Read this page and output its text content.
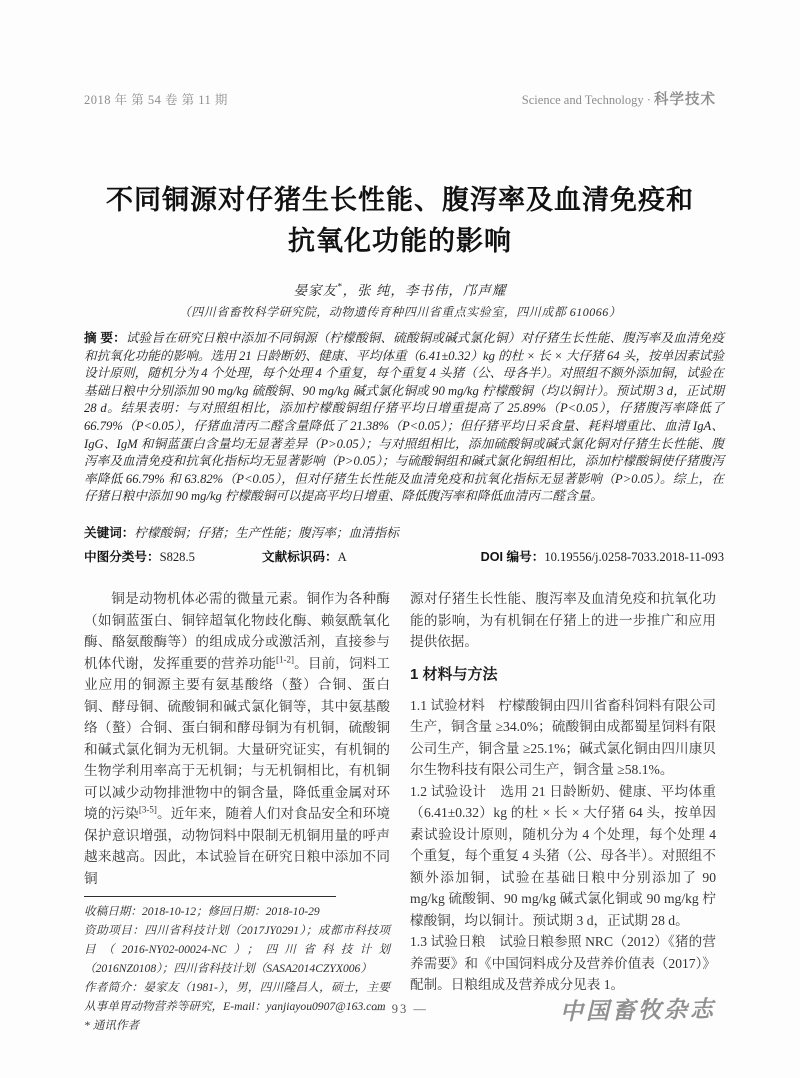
2018 年 第 54 卷 第 11 期	Science and Technology · 科学技术
不同铜源对仔猪生长性能、腹泻率及血清免疫和
抗氧化功能的影响
晏家友*，张 纯，李书伟，邝声耀
（四川省畜牧科学研究院，动物遗传育种四川省重点实验室，四川成都 610066）
摘 要：试验旨在研究日粮中添加不同铜源（柠檬酸铜、硫酸铜或碱式氯化铜）对仔猪生长性能、腹泻率及血清免疫和抗氧化功能的影响。选用 21 日龄断奶、健康、平均体重（6.41±0.32）kg 的杜 × 长 × 大仔猪 64 头，按单因素试验设计原则，随机分为 4 个处理，每个处理 4 个重复，每个重复 4 头猪（公、母各半）。对照组不额外添加铜，试验在基础日粮中分别添加 90 mg/kg 硫酸铜、90 mg/kg 碱式氯化铜或 90 mg/kg 柠檬酸铜（均以铜计）。预试期 3 d，正试期 28 d。结果表明：与对照组相比，添加柠檬酸铜组仔猪平均日增重提高了 25.89%（P<0.05），仔猪腹泻率降低了 66.79%（P<0.05），仔猪血清丙二醛含量降低了 21.38%（P<0.05）；但仔猪平均日采食量、耗料增重比、血清 IgA、IgG、IgM 和铜蓝蛋白含量均无显著差异（P>0.05）；与对照组相比，添加硫酸铜或碱式氯化铜对仔猪生长性能、腹泻率及血清免疫和抗氧化指标均无显著影响（P>0.05）；与硫酸铜组和碱式氯化铜组相比，添加柠檬酸铜使仔猪腹泻率降低 66.79% 和 63.82%（P<0.05），但对仔猪生长性能及血清免疫和抗氧化指标无显著影响（P>0.05）。综上，在仔猪日粮中添加 90 mg/kg 柠檬酸铜可以提高平均日增重、降低腹泻率和降低血清丙二醛含量。
关键词：柠檬酸铜；仔猪；生产性能；腹泻率；血清指标
中图分类号：S828.5	文献标识码：A	DOI 编号：10.19556/j.0258-7033.2018-11-093

铜是动物机体必需的微量元素。铜作为各种酶（如铜蓝蛋白、铜锌超氧化物歧化酶、赖氨酰氧化酶、酪氨酸酶等）的组成成分或激活剂，直接参与机体代谢，发挥重要的营养功能[1-2]。目前，饲料工业应用的铜源主要有氨基酸络（螯）合铜、蛋白铜、酵母铜、硫酸铜和碱式氯化铜等，其中氨基酸络（螯）合铜、蛋白铜和酵母铜为有机铜，硫酸铜和碱式氯化铜为无机铜。大量研究证实，有机铜的生物学利用率高于无机铜；与无机铜相比，有机铜可以减少动物排泄物中的铜含量，降低重金属对环境的污染[3-5]。近年来，随着人们对食品安全和环境保护意识增强，动物饲料中限制无机铜用量的呼声越来越高。因此，本试验旨在研究日粮中添加不同铜

收稿日期：2018-10-12；修回日期：2018-10-29

资助项目：四川省科技计划（2017JY0291）；成都市科技项目（2016-NY02-00024-NC）；四川省科技计划（2016NZ0108）；四川省科技计划（SASA2014CZYX006）

作者简介：晏家友（1981-），男，四川隆昌人，硕士，主要从事单胃动物营养等研究，E-mail：yanjiayou0907@163.com

* 通讯作者

源对仔猪生长性能、腹泻率及血清免疫和抗氧化功能的影响，为有机铜在仔猪上的进一步推广和应用提供依据。

1 材料与方法

1.1 试验材料　柠檬酸铜由四川省畜科饲料有限公司生产，铜含量 ≥34.0%；硫酸铜由成都蜀星饲料有限公司生产，铜含量 ≥25.1%；碱式氯化铜由四川康贝尔生物科技有限公司生产，铜含量 ≥58.1%。

1.2 试验设计　选用 21 日龄断奶、健康、平均体重（6.41±0.32）kg 的杜 × 长 × 大仔猪 64 头，按单因素试验设计原则，随机分为 4 个处理，每个处理 4 个重复，每个重复 4 头猪（公、母各半）。对照组不额外添加铜，试验在基础日粮中分别添加了 90 mg/kg 硫酸铜、90 mg/kg 碱式氯化铜或 90 mg/kg 柠檬酸铜，均以铜计。预试期 3 d，正试期 28 d。

1.3 试验日粮　试验日粮参照 NRC（2012）《猪的营养需要》和《中国饲料成分及营养价值表（2017）》配制。日粮组成及营养成分见表 1。

— 93 —	中国畜牧杂志
